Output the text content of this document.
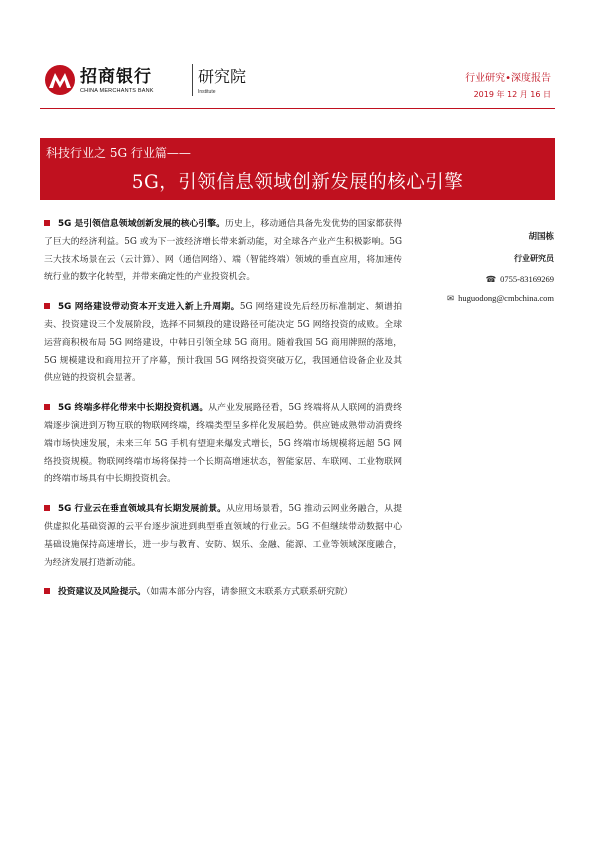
招商银行
CHINA MERCHANTS BANK
研究院
Institute
行业研究•深度报告
2019 年 12 月 16 日
科技行业之 5G 行业篇——
5G，引领信息领域创新发展的核心引擎

5G 是引领信息领域创新发展的核心引擎。历史上，移动通信具备先发优势的国家都获得了巨大的经济利益。5G 或为下一波经济增长带来新动能，对全球各产业产生积极影响。5G 三大技术场景在云（云计算）、网（通信网络）、端（智能终端）领域的垂直应用，将加速传统行业的数字化转型，并带来确定性的产业投资机会。

5G 网络建设带动资本开支进入新上升周期。5G 网络建设先后经历标准制定、频谱拍卖、投资建设三个发展阶段，选择不同频段的建设路径可能决定 5G 网络投资的成败。全球运营商积极布局 5G 网络建设，中韩日引领全球 5G 商用。随着我国 5G 商用牌照的落地，5G 规模建设和商用拉开了序幕，预计我国 5G 网络投资突破万亿，我国通信设备企业及其供应链的投资机会显著。

5G 终端多样化带来中长期投资机遇。从产业发展路径看，5G 终端将从人联网的消费终端逐步演进到万物互联的物联网终端，终端类型呈多样化发展趋势。供应链成熟带动消费终端市场快速发展，未来三年 5G 手机有望迎来爆发式增长，5G 终端市场规模将远超 5G 网络投资规模。物联网终端市场将保持一个长期高增速状态，智能家居、车联网、工业物联网的终端市场具有中长期投资机会。

5G 行业云在垂直领域具有长期发展前景。从应用场景看，5G 推动云网业务融合，从提供虚拟化基础资源的云平台逐步演进到典型垂直领域的行业云。5G 不但继续带动数据中心基础设施保持高速增长，进一步与教育、安防、娱乐、金融、能源、工业等领域深度融合，为经济发展打造新动能。

投资建议及风险提示。（如需本部分内容，请参照文末联系方式联系研究院）

胡国栋
行业研究员
☎ 0755-83169269
✉ huguodong@cmbchina.com
